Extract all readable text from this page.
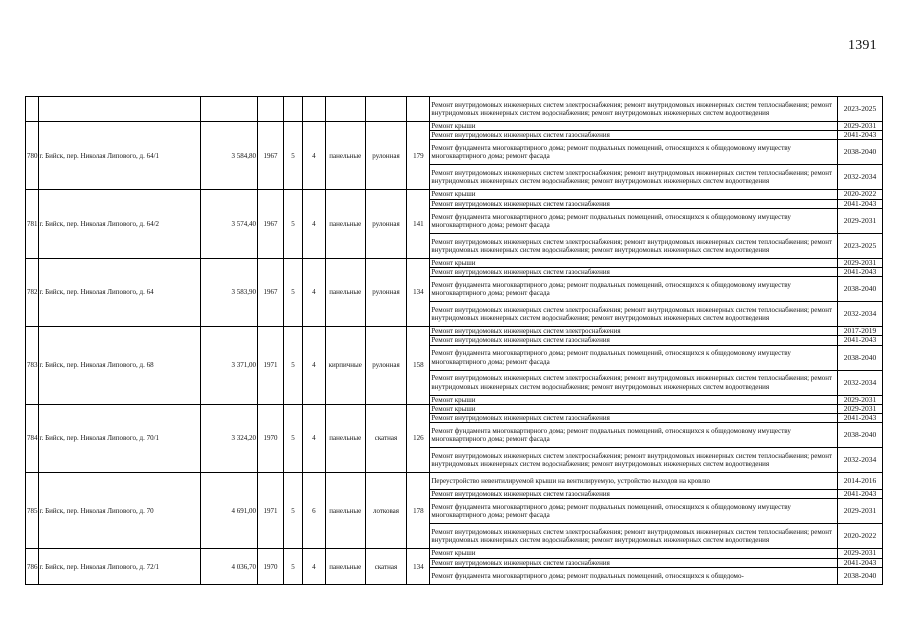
1391
									Ремонт внутридомовых инженерных систем электроснабжения; ремонт внутридомовых инженерных систем теплоснабжения; ремонт внутридомовых инженерных систем водоснабжения; ремонт внутридомовых инженерных систем водоотведения	2023-2025
780	г. Бийск, пер. Николая Липового, д. 64/1	3 584,80	1967	5	4	панельные	рулонная	179	Ремонт крыши	2029-2031
									Ремонт внутридомовых инженерных систем газоснабжения	2041-2043
									Ремонт фундамента многоквартирного дома; ремонт подвальных помещений, относящихся к общедомовому имуществу многоквартирного дома; ремонт фасада	2038-2040
									Ремонт внутридомовых инженерных систем электроснабжения; ремонт внутридомовых инженерных систем теплоснабжения; ремонт внутридомовых инженерных систем водоснабжения; ремонт внутридомовых инженерных систем водоотведения	2032-2034
781	г. Бийск, пер. Николая Липового, д. 64/2	3 574,40	1967	5	4	панельные	рулонная	141	Ремонт крыши	2020-2022
									Ремонт внутридомовых инженерных систем газоснабжения	2041-2043
									Ремонт фундамента многоквартирного дома; ремонт подвальных помещений, относящихся к общедомовому имуществу многоквартирного дома; ремонт фасада	2029-2031
									Ремонт внутридомовых инженерных систем электроснабжения; ремонт внутридомовых инженерных систем теплоснабжения; ремонт внутридомовых инженерных систем водоснабжения; ремонт внутридомовых инженерных систем водоотведения	2023-2025
782	г. Бийск, пер. Николая Липового, д. 64	3 583,90	1967	5	4	панельные	рулонная	134	Ремонт крыши	2029-2031
									Ремонт внутридомовых инженерных систем газоснабжения	2041-2043
									Ремонт фундамента многоквартирного дома; ремонт подвальных помещений, относящихся к общедомовому имуществу многоквартирного дома; ремонт фасада	2038-2040
									Ремонт внутридомовых инженерных систем электроснабжения; ремонт внутридомовых инженерных систем теплоснабжения; ремонт внутридомовых инженерных систем водоснабжения; ремонт внутридомовых инженерных систем водоотведения	2032-2034
783	г. Бийск, пер. Николая Липового, д. 68	3 371,00	1971	5	4	кирпичные	рулонная	158	Ремонт внутридомовых инженерных систем электроснабжения	2017-2019
									Ремонт внутридомовых инженерных систем газоснабжения	2041-2043
									Ремонт фундамента многоквартирного дома; ремонт подвальных помещений, относящихся к общедомовому имуществу многоквартирного дома; ремонт фасада	2038-2040
									Ремонт внутридомовых инженерных систем электроснабжения; ремонт внутридомовых инженерных систем теплоснабжения; ремонт внутридомовых инженерных систем водоснабжения; ремонт внутридомовых инженерных систем водоотведения	2032-2034
									Ремонт крыши	2029-2031
784	г. Бийск, пер. Николая Липового, д. 70/1	3 324,20	1970	5	4	панельные	скатная	126	Ремонт крыши	2029-2031
									Ремонт внутридомовых инженерных систем газоснабжения	2041-2043
									Ремонт фундамента многоквартирного дома; ремонт подвальных помещений, относящихся к общедомовому имуществу многоквартирного дома; ремонт фасада	2038-2040
									Ремонт внутридомовых инженерных систем электроснабжения; ремонт внутридомовых инженерных систем теплоснабжения; ремонт внутридомовых инженерных систем водоснабжения; ремонт внутридомовых инженерных систем водоотведения	2032-2034
785	г. Бийск, пер. Николая Липового, д. 70	4 691,00	1971	5	6	панельные	лотковая	178	Переустройство невентилируемой крыши на вентилируемую, устройство выходов на кровлю	2014-2016
									Ремонт внутридомовых инженерных систем газоснабжения	2041-2043
									Ремонт фундамента многоквартирного дома; ремонт подвальных помещений, относящихся к общедомовому имуществу многоквартирного дома; ремонт фасада	2029-2031
									Ремонт внутридомовых инженерных систем электроснабжения; ремонт внутридомовых инженерных систем теплоснабжения; ремонт внутридомовых инженерных систем водоснабжения; ремонт внутридомовых инженерных систем водоотведения	2020-2022
786	г. Бийск, пер. Николая Липового, д. 72/1	4 036,70	1970	5	4	панельные	скатная	134	Ремонт крыши	2029-2031
									Ремонт внутридомовых инженерных систем газоснабжения	2041-2043
									Ремонт фундамента многоквартирного дома; ремонт подвальных помещений, относящихся к общедомо-	2038-2040
